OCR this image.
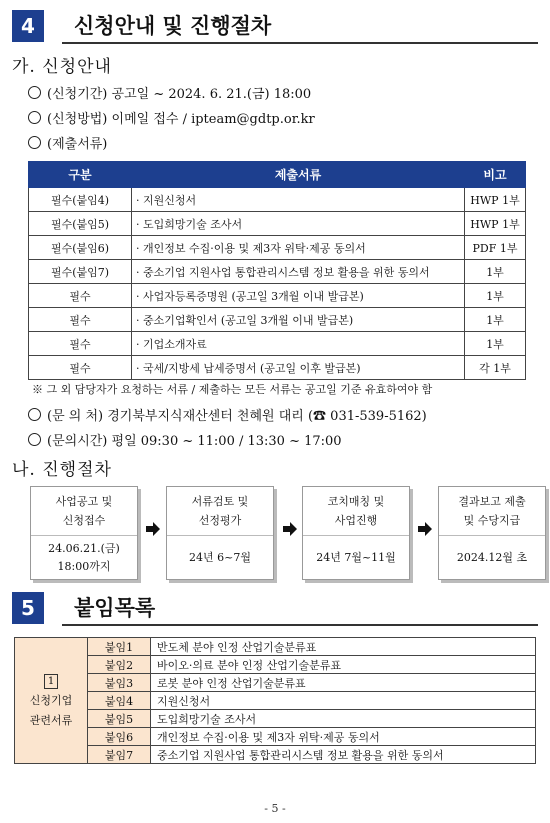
4	신청안내 및 진행절차
가. 신청안내
(신청기간) 공고일 ~ 2024. 6. 21.(금) 18:00
(신청방법) 이메일 접수 / ipteam@gdtp.or.kr
(제출서류)
구분	제출서류	비고
필수(붙임4)	· 지원신청서	HWP 1부
필수(붙임5)	· 도입희망기술 조사서	HWP 1부
필수(붙임6)	· 개인정보 수집·이용 및 제3자 위탁·제공 동의서	PDF 1부
필수(붙임7)	· 중소기업 지원사업 통합관리시스템 정보 활용을 위한 동의서	1부
필수	· 사업자등록증명원 (공고일 3개월 이내 발급본)	1부
필수	· 중소기업확인서 (공고일 3개월 이내 발급본)	1부
필수	· 기업소개자료	1부
필수	· 국세/지방세 납세증명서 (공고일 이후 발급본)	각 1부
※ 그 외 담당자가 요청하는 서류 / 제출하는 모든 서류는 공고일 기준 유효하여야 함
(문 의 처) 경기북부지식재산센터 천혜원 대리 (☎ 031-539-5162)
(문의시간) 평일 09:30 ~ 11:00 / 13:30 ~ 17:00
나. 진행절차
사업공고 및
신청접수
24.06.21.(금)
18:00까지
서류검토 및
선정평가
24년 6~7월
코치매칭 및
사업진행
24년 7월~11월
결과보고 제출
및 수당지급
2024.12월 초
5	붙임목록
1
신청기업
관련서류	붙임1	반도체 분야 인정 산업기술분류표
	붙임2	바이오·의료 분야 인정 산업기술분류표
	붙임3	로봇 분야 인정 산업기술분류표
	붙임4	지원신청서
	붙임5	도입희망기술 조사서
	붙임6	개인정보 수집·이용 및 제3자 위탁·제공 동의서
	붙임7	중소기업 지원사업 통합관리시스템 정보 활용을 위한 동의서
- 5 -
